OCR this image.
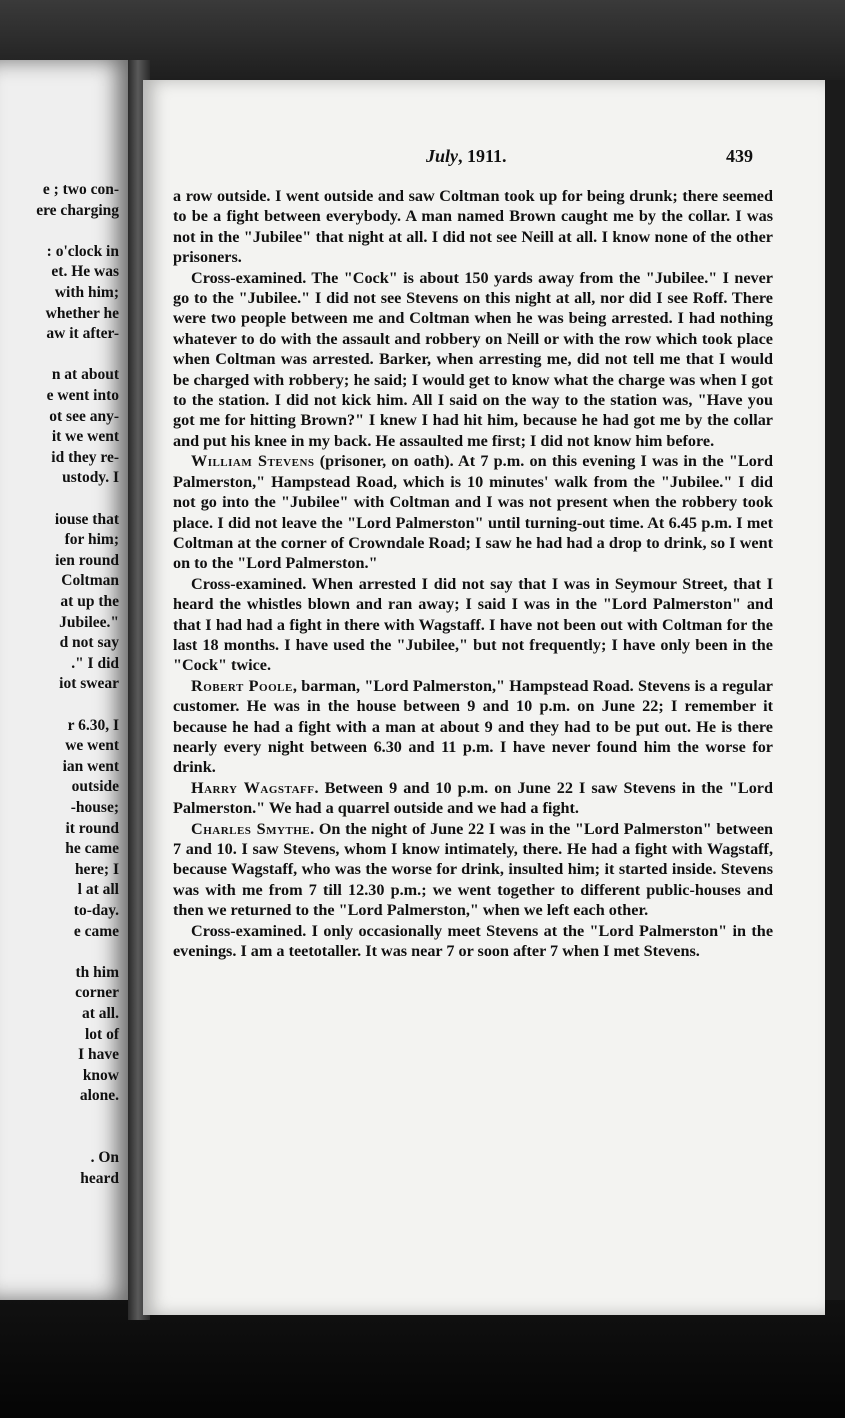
e ; two con-
ere charging
: o'clock in
et. He was
with him;
whether he
aw it after-
n at about
e went into
ot see any-
it we went
id they re-
ustody. I
iouse that
for him;
ien round
Coltman
at up the
Jubilee."
d not say
." I did
iot swear
r 6.30, I
we went
ian went
outside
-house;
it round
he came
here; I
l at all
to-day.
e came
th him
corner
at all.
lot of
I have
know
alone.
. On
heard
July, 1911.	439

a row outside. I went outside and saw Coltman took up for being drunk; there seemed to be a fight between everybody. A man named Brown caught me by the collar. I was not in the "Jubilee" that night at all. I did not see Neill at all. I know none of the other prisoners.

Cross-examined. The "Cock" is about 150 yards away from the "Jubilee." I never go to the "Jubilee." I did not see Stevens on this night at all, nor did I see Roff. There were two people between me and Coltman when he was being arrested. I had nothing whatever to do with the assault and robbery on Neill or with the row which took place when Coltman was arrested. Barker, when arresting me, did not tell me that I would be charged with robbery; he said; I would get to know what the charge was when I got to the station. I did not kick him. All I said on the way to the station was, "Have you got me for hitting Brown?" I knew I had hit him, because he had got me by the collar and put his knee in my back. He assaulted me first; I did not know him before.

William Stevens (prisoner, on oath). At 7 p.m. on this evening I was in the "Lord Palmerston," Hampstead Road, which is 10 minutes' walk from the "Jubilee." I did not go into the "Jubilee" with Coltman and I was not present when the robbery took place. I did not leave the "Lord Palmerston" until turning-out time. At 6.45 p.m. I met Coltman at the corner of Crowndale Road; I saw he had had a drop to drink, so I went on to the "Lord Palmerston."

Cross-examined. When arrested I did not say that I was in Seymour Street, that I heard the whistles blown and ran away; I said I was in the "Lord Palmerston" and that I had had a fight in there with Wagstaff. I have not been out with Coltman for the last 18 months. I have used the "Jubilee," but not frequently; I have only been in the "Cock" twice.

Robert Poole, barman, "Lord Palmerston," Hampstead Road. Stevens is a regular customer. He was in the house between 9 and 10 p.m. on June 22; I remember it because he had a fight with a man at about 9 and they had to be put out. He is there nearly every night between 6.30 and 11 p.m. I have never found him the worse for drink.

Harry Wagstaff. Between 9 and 10 p.m. on June 22 I saw Stevens in the "Lord Palmerston." We had a quarrel outside and we had a fight.

Charles Smythe. On the night of June 22 I was in the "Lord Palmerston" between 7 and 10. I saw Stevens, whom I know intimately, there. He had a fight with Wagstaff, because Wagstaff, who was the worse for drink, insulted him; it started inside. Stevens was with me from 7 till 12.30 p.m.; we went together to different public-houses and then we returned to the "Lord Palmerston," when we left each other.

Cross-examined. I only occasionally meet Stevens at the "Lord Palmerston" in the evenings. I am a teetotaller. It was near 7 or soon after 7 when I met Stevens.
